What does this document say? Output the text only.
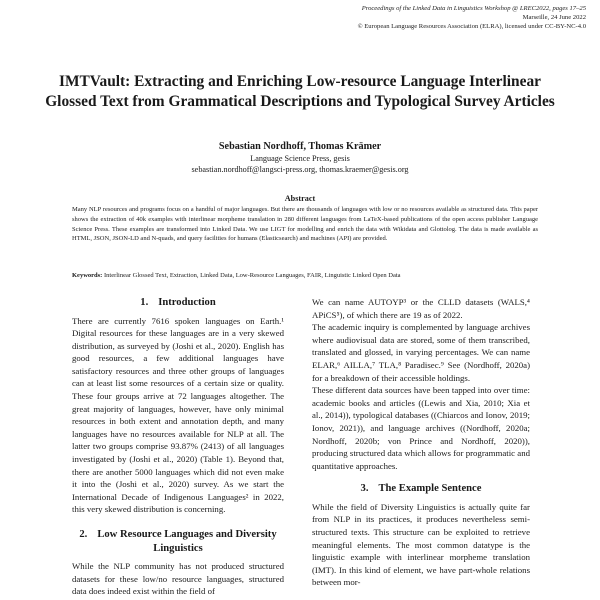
Proceedings of the Linked Data in Linguistics Workshop @ LREC2022, pages 17–25
Marseille, 24 June 2022
© European Language Resources Association (ELRA), licensed under CC-BY-NC-4.0
IMTVault: Extracting and Enriching Low-resource Language Interlinear Glossed Text from Grammatical Descriptions and Typological Survey Articles
Sebastian Nordhoff, Thomas Krämer
Language Science Press, gesis
sebastian.nordhoff@langsci-press.org, thomas.kraemer@gesis.org
Abstract
Many NLP resources and programs focus on a handful of major languages. But there are thousands of languages with low or no resources available as structured data. This paper shows the extraction of 40k examples with interlinear morpheme translation in 280 different languages from LaTeX-based publications of the open access publisher Language Science Press. These examples are transformed into Linked Data. We use LIGT for modelling and enrich the data with Wikidata and Glottolog. The data is made available as HTML, JSON, JSON-LD and N-quads, and query facilities for humans (Elasticsearch) and machines (API) are provided.
Keywords: Interlinear Glossed Text, Extraction, Linked Data, Low-Resource Languages, FAIR, Linguistic Linked Open Data
1. Introduction

There are currently 7616 spoken languages on Earth.¹ Digital resources for these languages are in a very skewed distribution, as surveyed by (Joshi et al., 2020). English has good resources, a few additional languages have satisfactory resources and three other groups of languages can at least list some resources of a certain size or quality. These four groups arrive at 72 languages altogether. The great majority of languages, however, have only minimal resources in both extent and annotation depth, and many languages have no resources available for NLP at all. The latter two groups comprise 93.87% (2413) of all languages investigated by (Joshi et al., 2020) (Table 1). Beyond that, there are another 5000 languages which did not even make it into the (Joshi et al., 2020) survey. As we start the International Decade of Indigenous Languages² in 2022, this very skewed distribution is concerning.

2. Low Resource Languages and Diversity Linguistics

While the NLP community has not produced structured datasets for these low/no resource languages, structured data does indeed exist within the field of

We can name AUTOYP³ or the CLLD datasets (WALS,⁴ APiCS⁵), of which there are 19 as of 2022.

The academic inquiry is complemented by language archives where audiovisual data are stored, some of them transcribed, translated and glossed, in varying percentages. We can name ELAR,⁶ AILLA,⁷ TLA,⁸ Paradisec.⁹ See (Nordhoff, 2020a) for a breakdown of their accessible holdings.

These different data sources have been tapped into over time: academic books and articles ((Lewis and Xia, 2010; Xia et al., 2014)), typological databases ((Chiarcos and Ionov, 2019; Ionov, 2021)), and language archives ((Nordhoff, 2020a; Nordhoff, 2020b; von Prince and Nordhoff, 2020)), producing structured data which allows for programmatic and quantitative approaches.

3. The Example Sentence

While the field of Diversity Linguistics is actually quite far from NLP in its practices, it produces nevertheless semi-structured texts. This structure can be exploited to retrieve meaningful elements. The most common datatype is the linguistic example with interlinear morpheme translation (IMT). In this kind of element, we have part-whole relations between mor-
